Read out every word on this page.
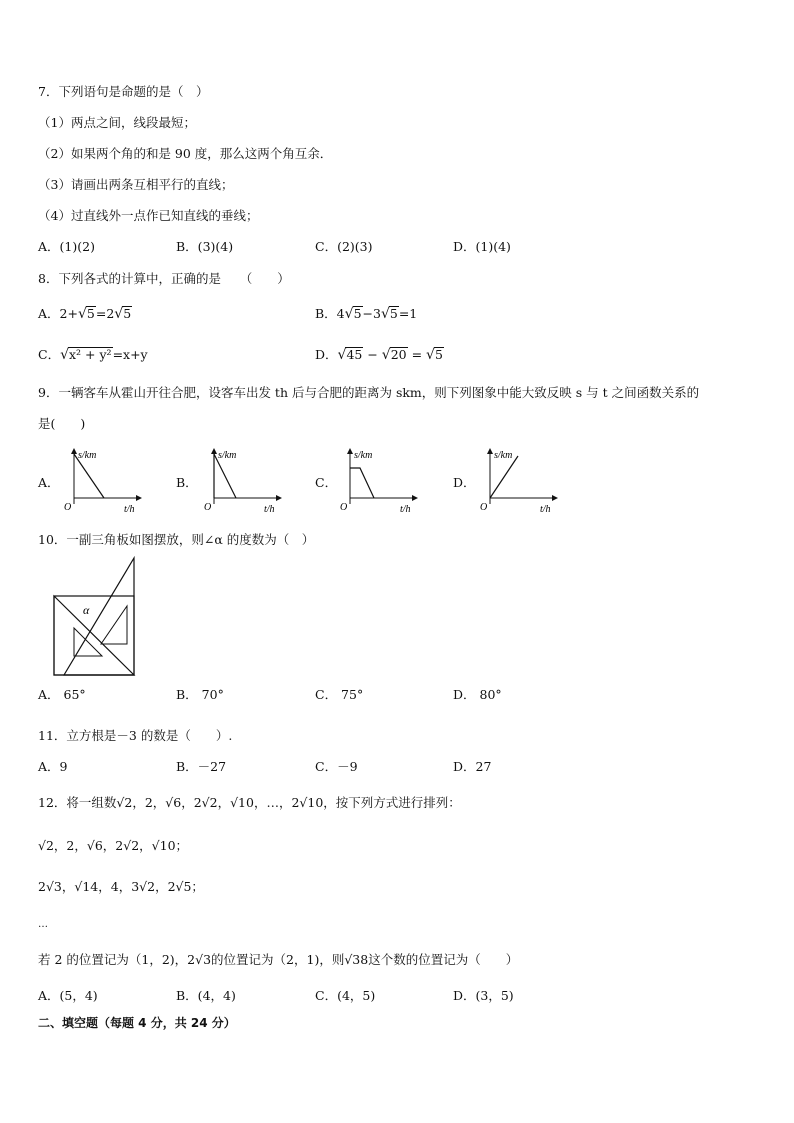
7．下列语句是命题的是（　）
（1）两点之间，线段最短；
（2）如果两个角的和是 90 度，那么这两个角互余．
（3）请画出两条互相平行的直线；
（4）过直线外一点作已知直线的垂线；
A．(1)(2)	B．(3)(4)	C．(2)(3)	D．(1)(4)
8．下列各式的计算中，正确的是　　（　　）
A．2+√5=2√5	B．4√5−3√5=1
C．√x² + y²=x+y	D．√45 − √20 = √5
9．一辆客车从霍山开往合肥，设客车出发 th 后与合肥的距离为 skm，则下列图象中能大致反映 s 与 t 之间函数关系的
是(　　)
A．	B．	C．	D．
s/km
t/h
O
s/km
t/h
O
s/km
t/h
O
s/km
t/h
O
10．一副三角板如图摆放，则∠α 的度数为（　）
α
A． 65°	B． 70°	C． 75°	D． 80°
11．立方根是－3 的数是（　　）.
A．9	B．－27	C．－9	D．27
12．将一组数√2，2，√6，2√2，√10，…，2√10，按下列方式进行排列：
√2，2，√6，2√2，√10；
2√3，√14，4，3√2，2√5；
…
若 2 的位置记为（1，2)，2√3的位置记为（2，1)，则√38这个数的位置记为（　　）
A．(5，4)	B．(4，4)	C．(4，5)	D．(3，5)
二、填空题（每题 4 分，共 24 分）
